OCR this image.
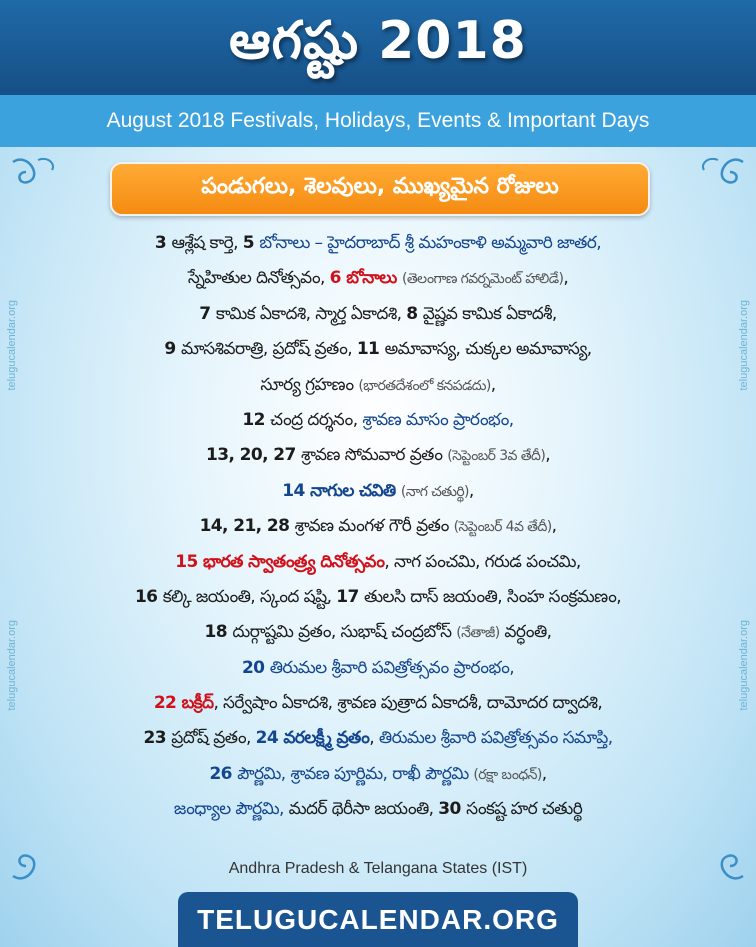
ఆగష్టు 2018
August 2018 Festivals, Holidays, Events & Important Days
telugucalendar.org
telugucalendar.org
telugucalendar.org
telugucalendar.org
పండుగలు, శెలవులు, ముఖ్యమైన రోజులు
3 ఆశ్లేష కార్తె, 5 బోనాలు – హైదరాబాద్ శ్రీ మహంకాళి అమ్మవారి జాతర,
స్నేహితుల దినోత్సవం, 6 బోనాలు (తెలంగాణ గవర్నమెంట్ హాలిడే),
7 కామిక ఏకాదశి, స్మార్త ఏకాదశి, 8 వైష్ణవ కామిక ఏకాదశీ,
9 మాసశివరాత్రి, ప్రదోష్ వ్రతం, 11 అమావాస్య, చుక్కల అమావాస్య,
సూర్య గ్రహణం (భారతదేశంలో కనపడదు),
12 చంద్ర దర్శనం, శ్రావణ మాసం ప్రారంభం,
13, 20, 27 శ్రావణ సోమవార వ్రతం (సెప్టెంబర్ 3వ తేదీ),
14 నాగుల చవితి (నాగ చతుర్థి),
14, 21, 28 శ్రావణ మంగళ గౌరీ వ్రతం (సెప్టెంబర్ 4వ తేదీ),
15 భారత స్వాతంత్ర్య దినోత్సవం, నాగ పంచమి, గరుడ పంచమి,
16 కల్కి జయంతి, స్కంద షష్టి, 17 తులసి దాస్ జయంతి, సింహ సంక్రమణం,
18 దుర్గాష్టమి వ్రతం, సుభాష్ చంద్రబోస్ (నేతాజీ) వర్ధంతి,
20 తిరుమల శ్రీవారి పవిత్రోత్సవం ప్రారంభం,
22 బక్రీద్, సర్వేషాం ఏకాదశి, శ్రావణ పుత్రాద ఏకాదశీ, దామోదర ద్వాదశి,
23 ప్రదోష్ వ్రతం, 24 వరలక్ష్మీ వ్రతం, తిరుమల శ్రీవారి పవిత్రోత్సవం సమాప్తి,
26 పౌర్ణమి, శ్రావణ పూర్ణిమ, రాఖీ పౌర్ణమి (రక్షా బంధన్),
జంధ్యాల పౌర్ణమి, మదర్ థెరీసా జయంతి, 30 సంకష్ట హర చతుర్థి
Andhra Pradesh & Telangana States (IST)
TELUGUCALENDAR.ORG
